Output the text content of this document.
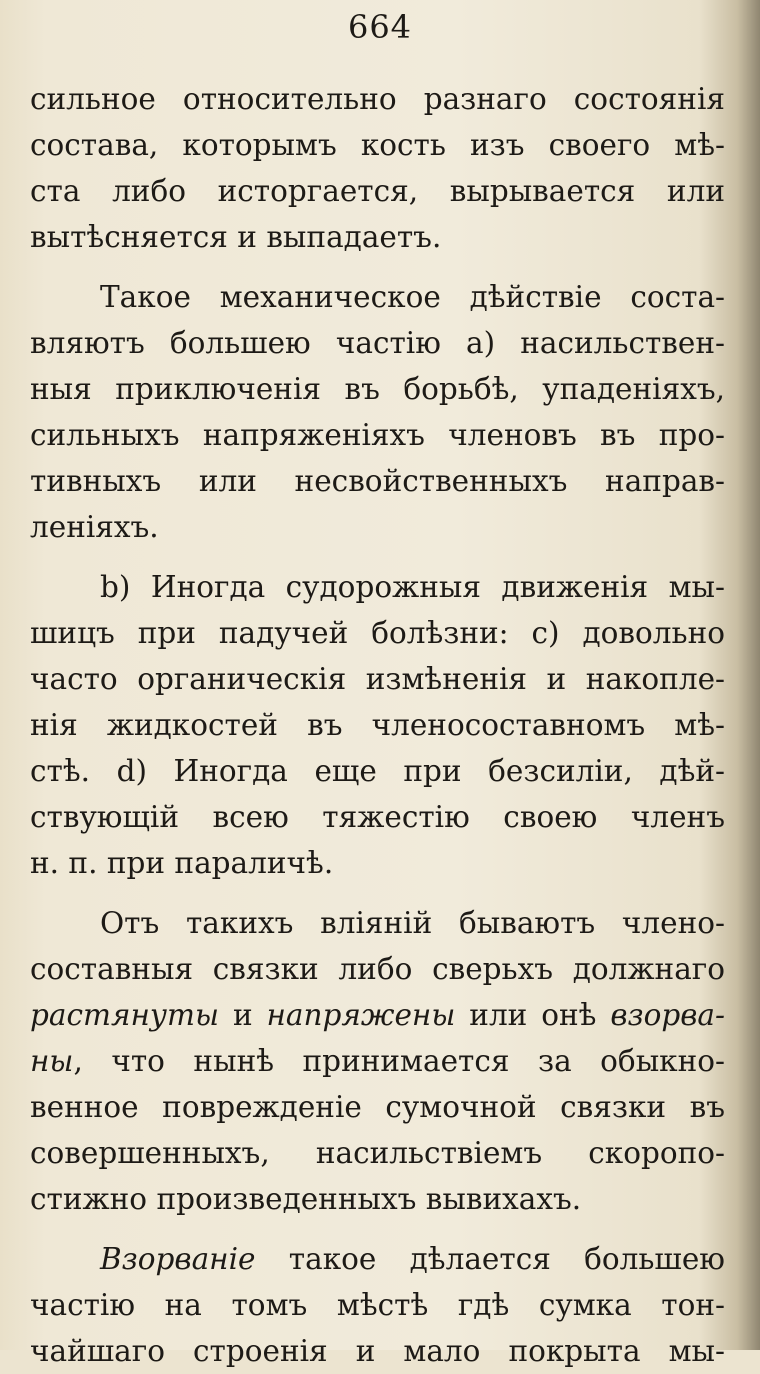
664

сильное относительно разнаго состоянія

состава, которымъ кость изъ своего мѣ-

ста либо исторгается, вырывается или

вытѣсняется и выпадаетъ.

Такое механическое дѣйствіе соста-

вляютъ большею частію а) насильствен-

ныя приключенія въ борьбѣ, упаденіяхъ,

сильныхъ напряженіяхъ членовъ въ про-

тивныхъ или несвойственныхъ направ-

леніяхъ.

b) Иногда судорожныя движенія мы-

шицъ при падучей болѣзни: c) довольно

часто органическія измѣненія и накопле-

нія жидкостей въ членосоставномъ мѣ-

стѣ. d) Иногда еще при безсиліи, дѣй-

ствующій всею тяжестію своею членъ

н. п. при параличѣ.

Отъ такихъ вліяній бываютъ члено-

составныя связки либо сверьхъ должнаго

растянуты и напряжены или онѣ взорва-

ны, что нынѣ принимается за обыкно-

венное поврежденіе сумочной связки въ

совершенныхъ, насильствіемъ скоропо-

стижно произведенныхъ вывихахъ.

Взорваніе такое дѣлается большею

частію на томъ мѣстѣ гдѣ сумка тон-

чайшаго строенія и мало покрыта мы-
